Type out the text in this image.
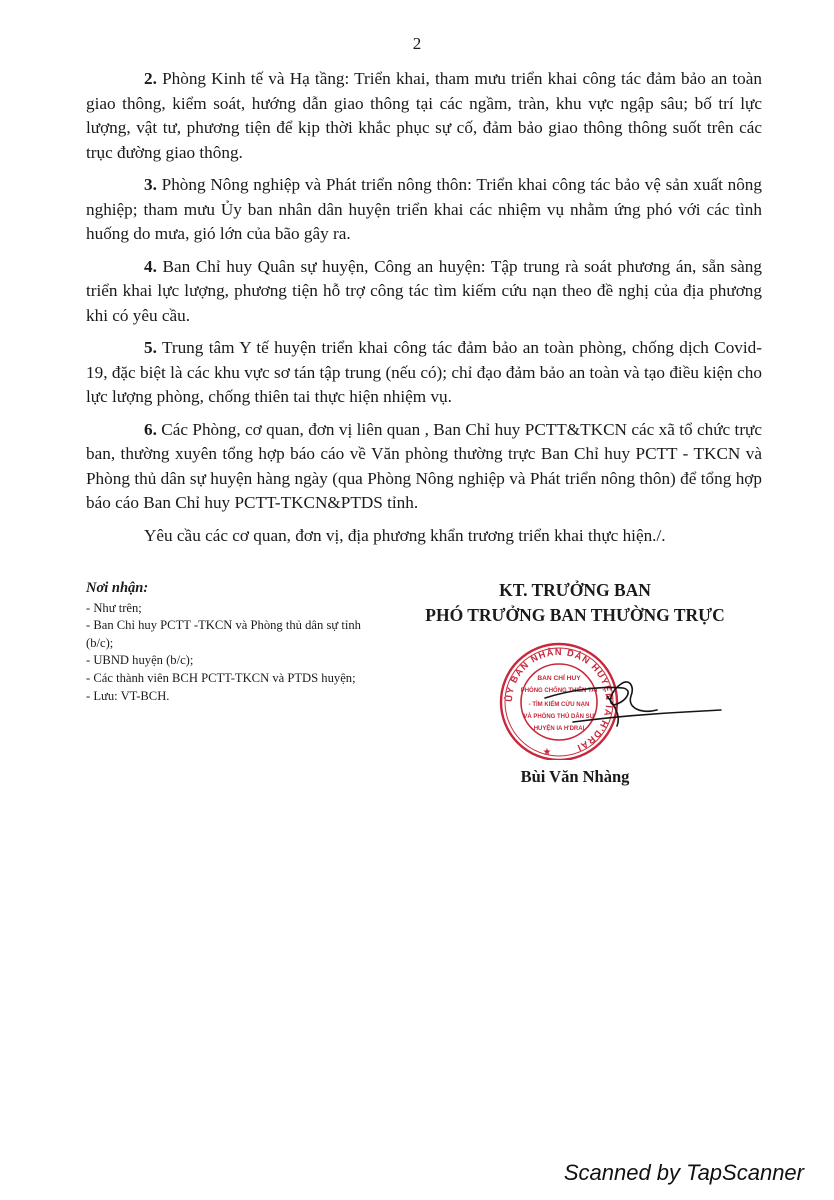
2

2. Phòng Kinh tế và Hạ tầng: Triển khai, tham mưu triển khai công tác đảm bảo an toàn giao thông, kiểm soát, hướng dẫn giao thông tại các ngầm, tràn, khu vực ngập sâu; bố trí lực lượng, vật tư, phương tiện để kịp thời khắc phục sự cố, đảm bảo giao thông thông suốt trên các trục đường giao thông.

3. Phòng Nông nghiệp và Phát triển nông thôn: Triển khai công tác bảo vệ sản xuất nông nghiệp; tham mưu Ủy ban nhân dân huyện triển khai các nhiệm vụ nhằm ứng phó với các tình huống do mưa, gió lớn của bão gây ra.

4. Ban Chỉ huy Quân sự huyện, Công an huyện: Tập trung rà soát phương án, sẵn sàng triển khai lực lượng, phương tiện hỗ trợ công tác tìm kiếm cứu nạn theo đề nghị của địa phương khi có yêu cầu.

5. Trung tâm Y tế huyện triển khai công tác đảm bảo an toàn phòng, chống dịch Covid-19, đặc biệt là các khu vực sơ tán tập trung (nếu có); chỉ đạo đảm bảo an toàn và tạo điều kiện cho lực lượng phòng, chống thiên tai thực hiện nhiệm vụ.

6. Các Phòng, cơ quan, đơn vị liên quan , Ban Chỉ huy PCTT&TKCN các xã tổ chức trực ban, thường xuyên tổng hợp báo cáo về Văn phòng thường trực Ban Chỉ huy PCTT - TKCN và Phòng thủ dân sự huyện hàng ngày (qua Phòng Nông nghiệp và Phát triển nông thôn) để tổng hợp báo cáo Ban Chỉ huy PCTT-TKCN&PTDS tỉnh.

Yêu cầu các cơ quan, đơn vị, địa phương khẩn trương triển khai thực hiện./.

Nơi nhận:

- Như trên;

- Ban Chỉ huy PCTT -TKCN và Phòng thủ dân sự tỉnh (b/c);

- UBND huyện (b/c);

- Các thành viên BCH PCTT-TKCN và PTDS huyện;

- Lưu: VT-BCH.

KT. TRƯỞNG BAN
PHÓ TRƯỞNG BAN THƯỜNG TRỰC
ỦY BAN NHÂN DÂN HUYỆN IA H'DRAI
★
BAN CHỈ HUY
PHÒNG CHỐNG THIÊN TAI
- TÌM KIẾM CỨU NẠN
VÀ PHÒNG THỦ DÂN SỰ
HUYỆN IA H'DRAI
Bùi Văn Nhàng
Scanned by TapScanner
